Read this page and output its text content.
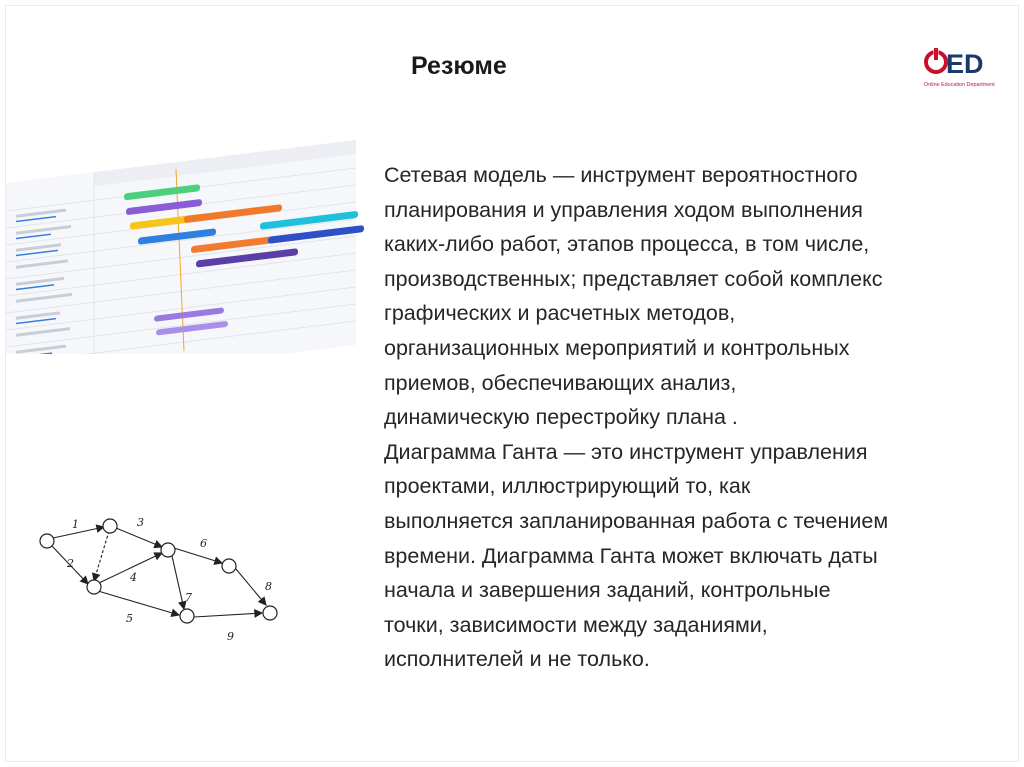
Резюме	ED
Online Education Department

Сетевая модель — инструмент вероятностного
планирования и управления ходом выполнения
каких-либо работ, этапов процесса, в том числе,
производственных; представляет собой комплекс
графических и расчетных методов,
организационных мероприятий и контрольных
приемов, обеспечивающих анализ,
динамическую перестройку плана .

Диаграмма Ганта — это инструмент управления
проектами, иллюстрирующий то, как
выполняется запланированная работа с течением
времени. Диаграмма Ганта может включать даты
начала и завершения заданий, контрольные
точки, зависимости между заданиями,
исполнителей и не только.

1
2
3
4
5
6
7
8
9
